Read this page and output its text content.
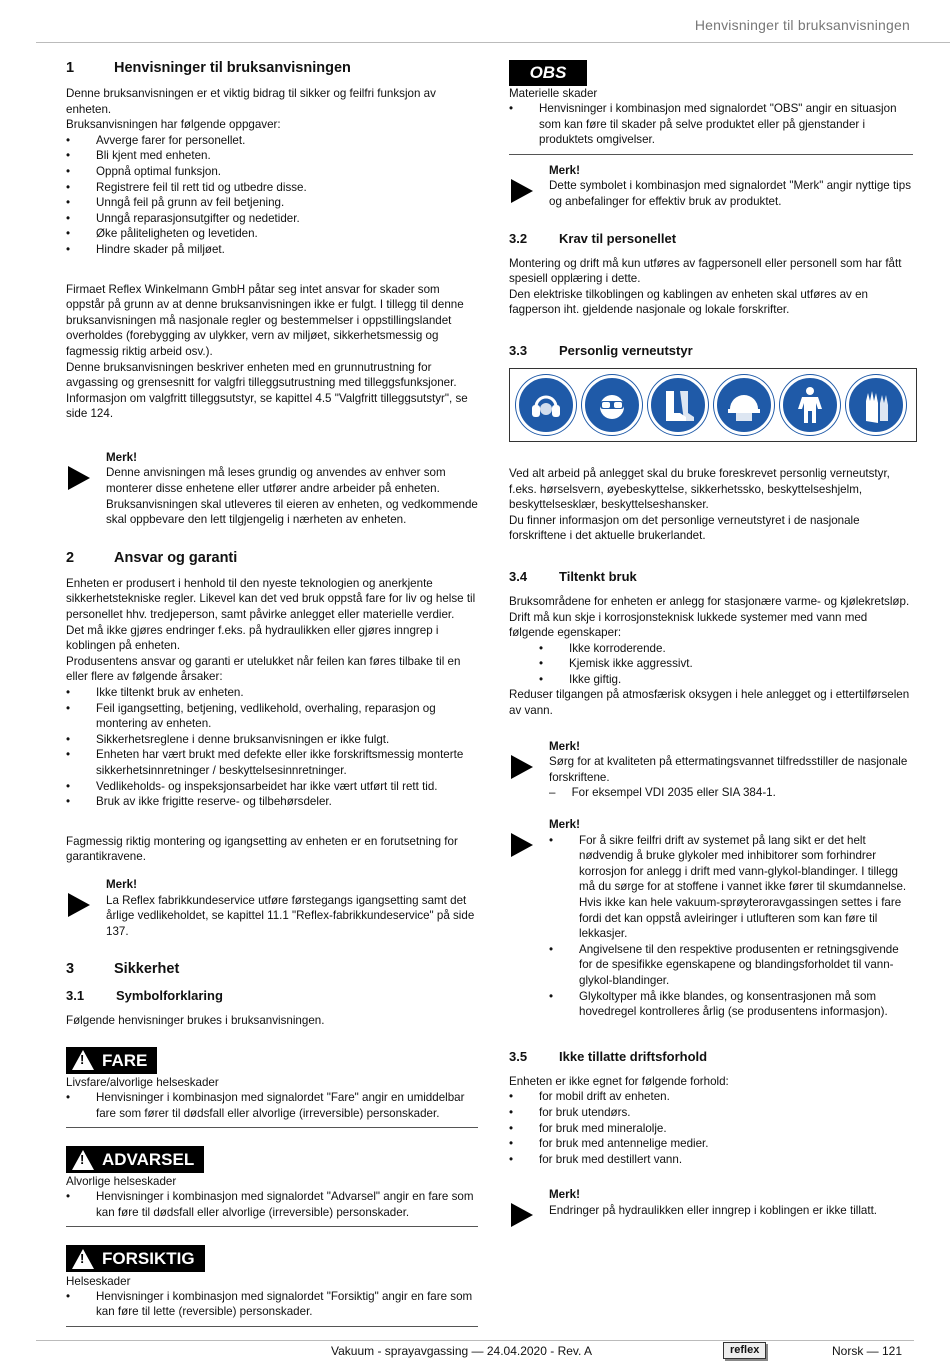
Henvisninger til bruksanvisningen
1	Henvisninger til bruksanvisningen

Denne bruksanvisningen er et viktig bidrag til sikker og feilfri funksjon av enheten.

Bruksanvisningen har følgende oppgaver:

• Avverge farer for personellet.
• Bli kjent med enheten.
• Oppnå optimal funksjon.
• Registrere feil til rett tid og utbedre disse.
• Unngå feil på grunn av feil betjening.
• Unngå reparasjonsutgifter og nedetider.
• Øke påliteligheten og levetiden.
• Hindre skader på miljøet.

Firmaet Reflex Winkelmann GmbH påtar seg intet ansvar for skader som oppstår på grunn av at denne bruksanvisningen ikke er fulgt. I tillegg til denne bruksanvisningen må nasjonale regler og bestemmelser i oppstillingslandet overholdes (forebygging av ulykker, vern av miljøet, sikkerhetsmessig og fagmessig riktig arbeid osv.).

Denne bruksanvisningen beskriver enheten med en grunnutrustning for avgassing og grensesnitt for valgfri tilleggsutrustning med tilleggsfunksjoner. Informasjon om valgfritt tilleggsutstyr, se kapittel 4.5 "Valgfritt tilleggsutstyr", se side 124.

Merk!

Denne anvisningen må leses grundig og anvendes av enhver som monterer disse enhetene eller utfører andre arbeider på enheten. Bruksanvisningen skal utleveres til eieren av enheten, og vedkommende skal oppbevare den lett tilgjengelig i nærheten av enheten.

2	Ansvar og garanti

Enheten er produsert i henhold til den nyeste teknologien og anerkjente sikkerhetstekniske regler. Likevel kan det ved bruk oppstå fare for liv og helse til personellet hhv. tredjeperson, samt påvirke anlegget eller materielle verdier.

Det må ikke gjøres endringer f.eks. på hydraulikken eller gjøres inngrep i koblingen på enheten.

Produsentens ansvar og garanti er utelukket når feilen kan føres tilbake til en eller flere av følgende årsaker:

• Ikke tiltenkt bruk av enheten.
• Feil igangsetting, betjening, vedlikehold, overhaling, reparasjon og montering av enheten.
• Sikkerhetsreglene i denne bruksanvisningen er ikke fulgt.
• Enheten har vært brukt med defekte eller ikke forskriftsmessig monterte sikkerhetsinnretninger / beskyttelsesinnretninger.
• Vedlikeholds- og inspeksjonsarbeidet har ikke vært utført til rett tid.
• Bruk av ikke frigitte reserve- og tilbehørsdeler.

Fagmessig riktig montering og igangsetting av enheten er en forutsetning for garantikravene.

Merk!

La Reflex fabrikkundeservice utføre førstegangs igangsetting samt det årlige vedlikeholdet, se kapittel 11.1 "Reflex-fabrikkundeservice" på side 137.

3	Sikkerhet
3.1	Symbolforklaring

Følgende henvisninger brukes i bruksanvisningen.

!
FARE

Livsfare/alvorlige helseskader

• Henvisninger i kombinasjon med signalordet "Fare" angir en umiddelbar fare som fører til dødsfall eller alvorlige (irreversible) personskader.
!
ADVARSEL

Alvorlige helseskader

• Henvisninger i kombinasjon med signalordet "Advarsel" angir en fare som kan føre til dødsfall eller alvorlige (irreversible) personskader.
!
FORSIKTIG

Helseskader

• Henvisninger i kombinasjon med signalordet "Forsiktig" angir en fare som kan føre til lette (reversible) personskader.
OBS

Materielle skader

• Henvisninger i kombinasjon med signalordet "OBS" angir en situasjon som kan føre til skader på selve produktet eller på gjenstander i produktets omgivelser.

Merk!

Dette symbolet i kombinasjon med signalordet "Merk" angir nyttige tips og anbefalinger for effektiv bruk av produktet.

3.2	Krav til personellet

Montering og drift må kun utføres av fagpersonell eller personell som har fått spesiell opplæring i dette.

Den elektriske tilkoblingen og kablingen av enheten skal utføres av en fagperson iht. gjeldende nasjonale og lokale forskrifter.

3.3	Personlig verneutstyr

Ved alt arbeid på anlegget skal du bruke foreskrevet personlig verneutstyr, f.eks. hørselsvern, øyebeskyttelse, sikkerhetssko, beskyttelseshjelm, beskyttelsesklær, beskyttelseshansker.

Du finner informasjon om det personlige verneutstyret i de nasjonale forskriftene i det aktuelle brukerlandet.

3.4	Tiltenkt bruk

Bruksområdene for enheten er anlegg for stasjonære varme- og kjølekretsløp.

Drift må kun skje i korrosjonsteknisk lukkede systemer med vann med følgende egenskaper:

• Ikke korroderende.
• Kjemisk ikke aggressivt.
• Ikke giftig.

Reduser tilgangen på atmosfærisk oksygen i hele anlegget og i ettertilførselen av vann.

Merk!

Sørg for at kvaliteten på ettermatingsvannet tilfredsstiller de nasjonale forskriftene.

– For eksempel VDI 2035 eller SIA 384-1.

Merk!

• For å sikre feilfri drift av systemet på lang sikt er det helt nødvendig å bruke glykoler med inhibitorer som forhindrer korrosjon for anlegg i drift med vann-glykol-blandinger. I tillegg må du sørge for at stoffene i vannet ikke fører til skumdannelse. Hvis ikke kan hele vakuum-sprøyteroravgassingen settes i fare fordi det kan oppstå avleiringer i utlufteren som kan føre til lekkasjer.
• Angivelsene til den respektive produsenten er retningsgivende for de spesifikke egenskapene og blandingsforholdet til vann-glykol-blandinger.
• Glykoltyper må ikke blandes, og konsentrasjonen må som hovedregel kontrolleres årlig (se produsentens informasjon).
3.5	Ikke tillatte driftsforhold

Enheten er ikke egnet for følgende forhold:

• for mobil drift av enheten.
• for bruk utendørs.
• for bruk med mineralolje.
• for bruk med antennelige medier.
• for bruk med destillert vann.

Merk!

Endringer på hydraulikken eller inngrep i koblingen er ikke tillatt.

Vakuum - sprayavgassing — 24.04.2020 - Rev. A	reflex	Norsk — 121
